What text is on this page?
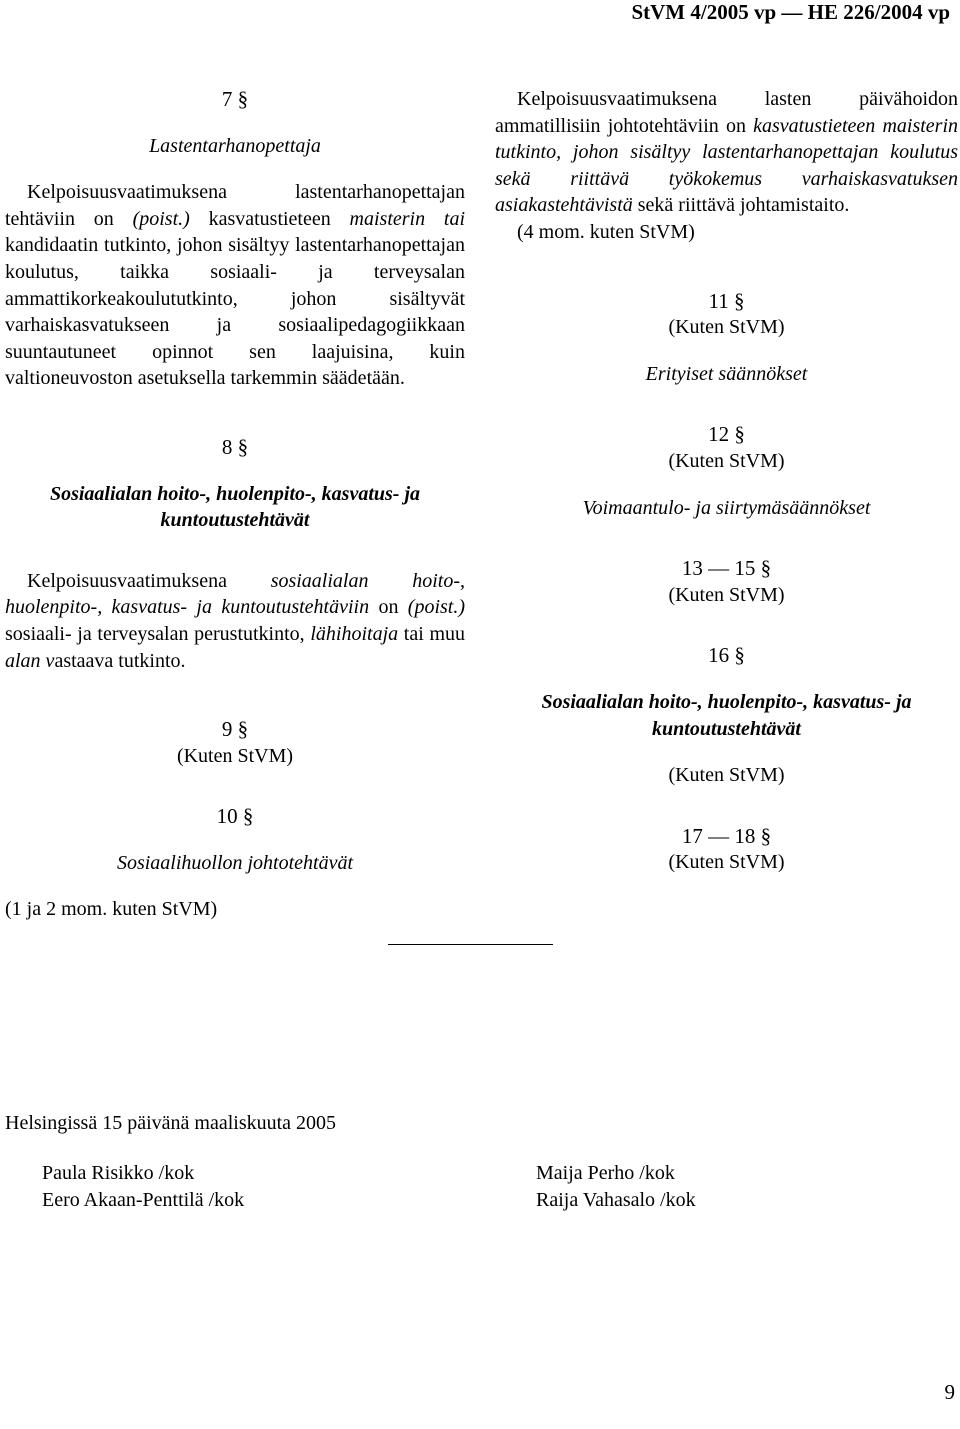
StVM 4/2005 vp — HE 226/2004 vp

7 §

Lastentarhanopettaja

Kelpoisuusvaatimuksena lastentarhanopettajan tehtäviin on (poist.) kasvatustieteen maisterin tai kandidaatin tutkinto, johon sisältyy lastentarhanopettajan koulutus, taikka sosiaali- ja terveysalan ammattikorkeakoulututkinto, johon sisältyvät varhaiskasvatukseen ja sosiaalipedagogiikkaan suuntautuneet opinnot sen laajuisina, kuin valtioneuvoston asetuksella tarkemmin säädetään.

8 §

Sosiaalialan hoito-, huolenpito-, kasvatus- ja kuntoutustehtävät

Kelpoisuusvaatimuksena sosiaalialan hoito-, huolenpito-, kasvatus- ja kuntoutustehtäviin on (poist.) sosiaali- ja terveysalan perustutkinto, lähihoitaja tai muu alan vastaava tutkinto.

9 §

(Kuten StVM)

10 §

Sosiaalihuollon johtotehtävät

(1 ja 2 mom. kuten StVM)

Kelpoisuusvaatimuksena lasten päivähoidon ammatillisiin johtotehtäviin on kasvatustieteen maisterin tutkinto, johon sisältyy lastentarhanopettajan koulutus sekä riittävä työkokemus varhaiskasvatuksen asiakastehtävistä sekä riittävä johtamistaito.

(4 mom. kuten StVM)

11 §

(Kuten StVM)

Erityiset säännökset

12 §

(Kuten StVM)

Voimaantulo- ja siirtymäsäännökset

13 — 15 §

(Kuten StVM)

16 §

Sosiaalialan hoito-, huolenpito-, kasvatus- ja kuntoutustehtävät

(Kuten StVM)

17 — 18 §

(Kuten StVM)

Helsingissä 15 päivänä maaliskuuta 2005
Paula Risikko /kok
Eero Akaan-Penttilä /kok
Maija Perho /kok
Raija Vahasalo /kok
9
